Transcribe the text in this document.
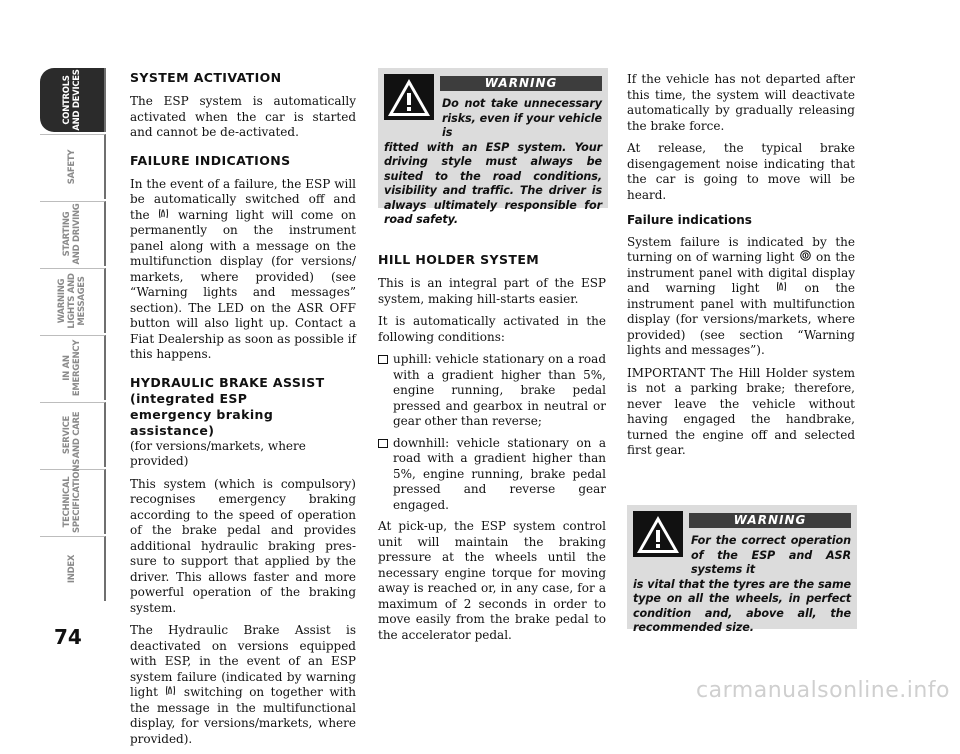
CONTROLS
AND DEVICES
SAFETY
STARTING
AND DRIVING
WARNING
LIGHTS AND
MESSAGES
IN AN
EMERGENCY
SERVICE
AND CARE
TECHNICAL
SPECIFICATIONS
INDEX
74
SYSTEM ACTIVATION

The ESP system is automatically activated when the car is started and cannot be de-activated.

FAILURE INDICATIONS

In the event of a failure, the ESP will be automatically switched off and the warning light will come on permanently on the instrument panel along with a message on the multifunction display (for versions/ markets, where provided) (see “Warning lights and messages” section). The LED on the ASR OFF button will also light up. Contact a Fiat Dealership as soon as possible if this happens.

HYDRAULIC BRAKE ASSIST (integrated ESP emergency braking assistance)

(for versions/markets, where provided)

This system (which is compulsory) recognises emergency braking according to the speed of operation of the brake pedal and provides additional hydraulic braking pressure to support that applied by the driver. This allows faster and more powerful operation of the braking system.

The Hydraulic Brake Assist is deactivated on versions equipped with ESP, in the event of an ESP system failure (indicated by warning light switching on together with the message in the multifunctional display, for versions/markets, where provided).

WARNING
Do not take unnecessary risks, even if your vehicle is
fitted with an ESP system. Your driving style must always be suited to the road conditions, visibility and traffic. The driver is always ultimately responsible for road safety.
HILL HOLDER SYSTEM

This is an integral part of the ESP system, making hill-starts easier.

It is automatically activated in the following conditions:

uphill: vehicle stationary on a road with a gradient higher than 5%, engine running, brake pedal pressed and gearbox in neutral or gear other than reverse;
downhill: vehicle stationary on a road with a gradient higher than 5%, engine running, brake pedal pressed and reverse gear engaged.

At pick-up, the ESP system control unit will maintain the braking pressure at the wheels until the necessary engine torque for moving away is reached or, in any case, for a maximum of 2 seconds in order to move easily from the brake pedal to the accelerator pedal.

If the vehicle has not departed after this time, the system will deactivate automatically by gradually releasing the brake force.

At release, the typical brake disengagement noise indicating that the car is going to move will be heard.

Failure indications

System failure is indicated by the turning on of warning light on the instrument panel with digital display and warning light	on the instrument panel with multifunction display (for versions/markets, where provided) (see section “Warning lights and messages”).

IMPORTANT The Hill Holder system is not a parking brake; therefore, never leave the vehicle without having engaged the handbrake, turned the engine off and selected first gear.

WARNING
For the correct operation of the ESP and ASR systems it
is vital that the tyres are the same type on all the wheels, in perfect condition and, above all, the recommended size.
carmanualsonline.info
